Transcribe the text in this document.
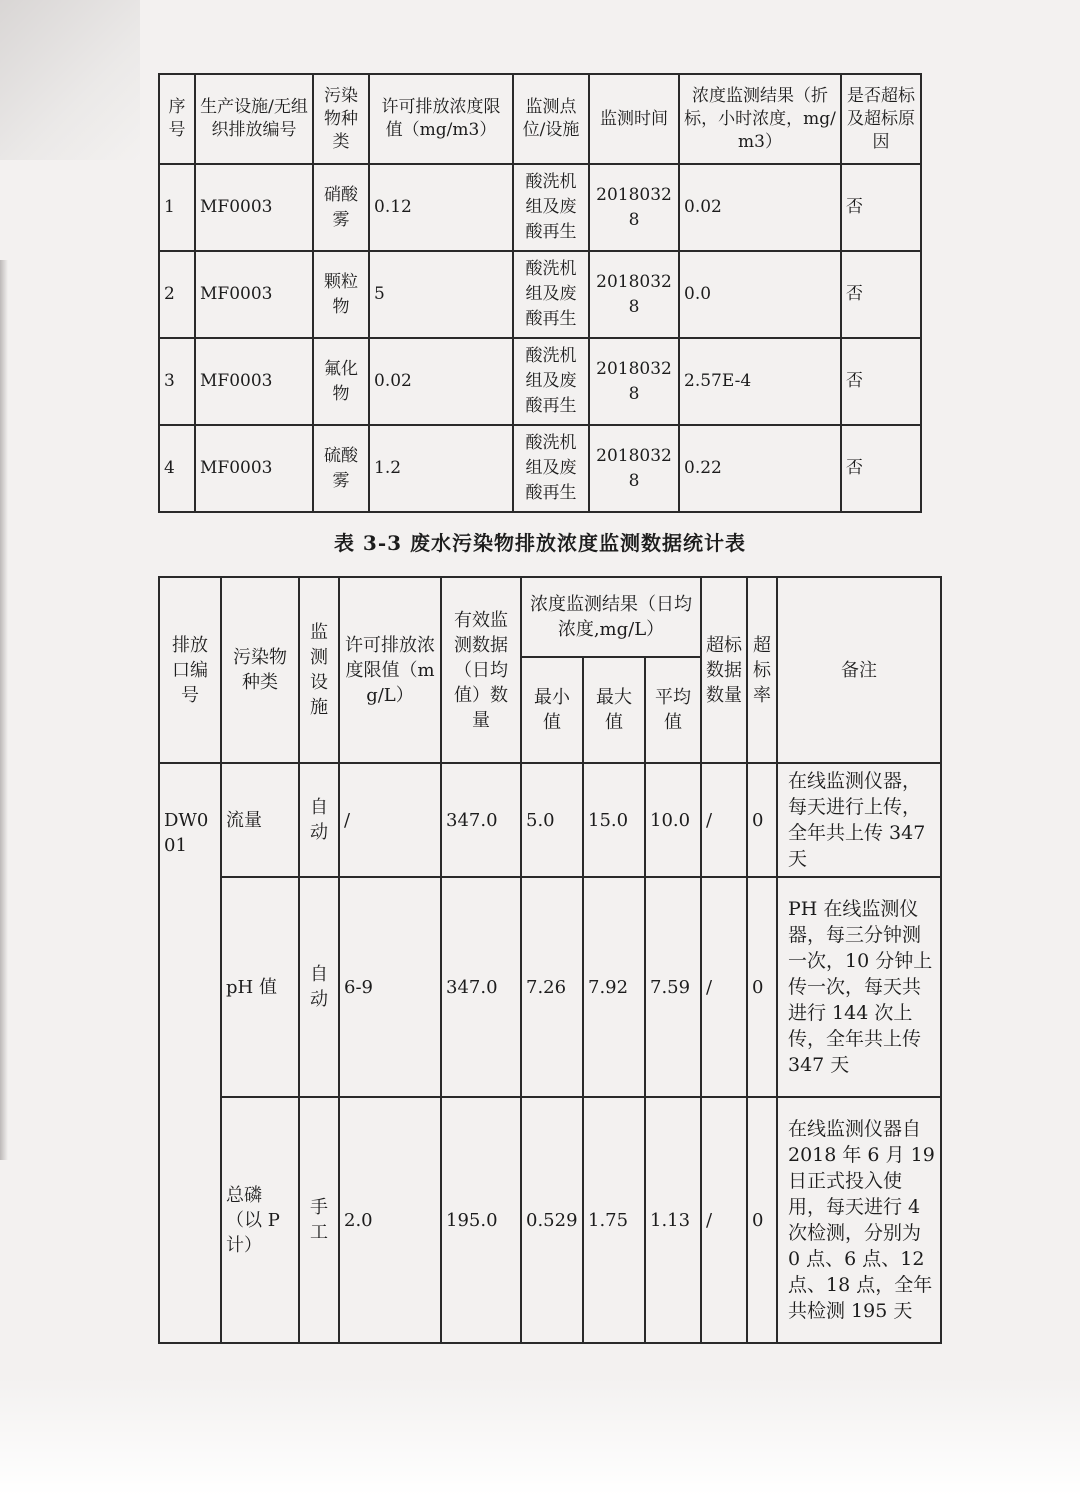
序号	生产设施/无组织排放编号	污染物种类	许可排放浓度限值（mg/m3）	监测点位/设施	监测时间	浓度监测结果（折标，小时浓度，mg/m3）	是否超标及超标原因
1	MF0003	硝酸雾	0.12	酸洗机组及废酸再生	20180328	0.02	否
2	MF0003	颗粒物	5	酸洗机组及废酸再生	20180328	0.0	否
3	MF0003	氟化物	0.02	酸洗机组及废酸再生	20180328	2.57E-4	否
4	MF0003	硫酸雾	1.2	酸洗机组及废酸再生	20180328	0.22	否
表 3-3 废水污染物排放浓度监测数据统计表
排放口编号	污染物种类	监测设施	许可排放浓度限值（mg/L）	有效监测数据（日均值）数量	浓度监测结果（日均浓度,mg/L）			超标数据数量	超标率	备注
					最小值	最大值	平均值			
DW001	流量	自动	/	347.0	5.0	15.0	10.0	/	0	在线监测仪器，每天进行上传，全年共上传 347 天
	pH 值	自动	6-9	347.0	7.26	7.92	7.59	/	0	PH 在线监测仪器，每三分钟测一次，10 分钟上传一次，每天共进行 144 次上传，全年共上传 347 天
	总磷（以 P 计）	手工	2.0	195.0	0.529	1.75	1.13	/	0	在线监测仪器自 2018 年 6 月 19 日正式投入使用，每天进行 4 次检测，分别为 0 点、6 点、12 点、18 点，全年共检测 195 天
